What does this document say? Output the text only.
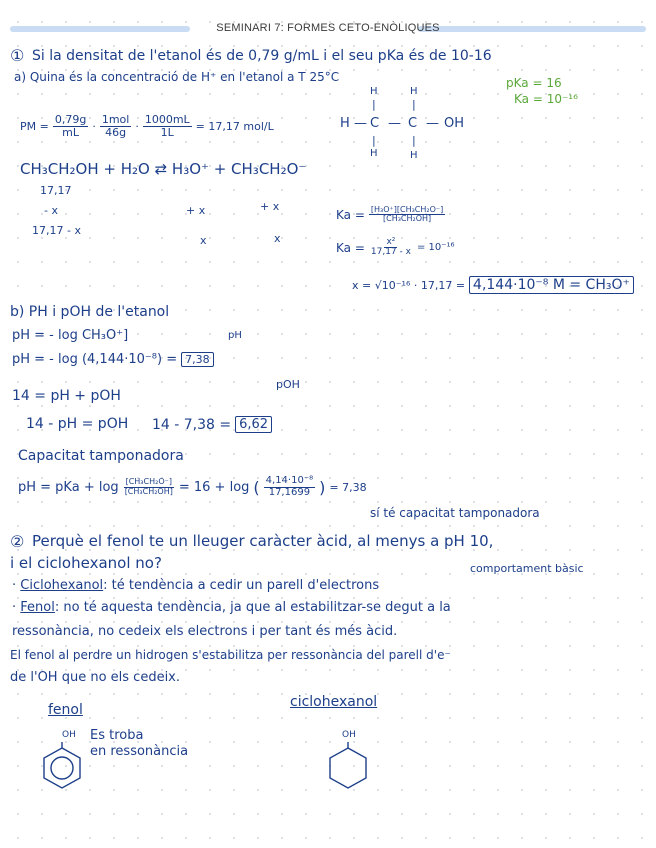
SEMINARI 7: FORMES CETO-ENÒLIQUES
① Si la densitat de l'etanol és de 0,79 g/mL i el seu pKa és de 10-16
a) Quina és la concentració de H⁺ en l'etanol a T 25°C	pKa = 16
Ka = 10⁻¹⁶
H	H
|	|
H — C — C — OH
|	|
H	H
PM = $\frac{0,79g}{mL} \cdot \frac{\text{1mol}}{46g} \cdot \frac{1000mL}{1L} = 17,17$ mol/L
CH₃CH₂OH + H₂O ⇄ H₃O⁺ + CH₃CH₂O⁻
17,17
- x	+ x	+ x
17,17 - x
x	x
$Ka = \frac{\text{[H₃O⁺][CH₃CH₂O⁻]}}{\text{[CH₃CH₂OH]}}$
$Ka = \frac{\text{x²}}{17,17 - x} = 10^{-16}$
x = √10⁻¹⁶ · 17,17 = 4,144·10⁻⁸ M = CH₃O⁺
b) PH i pOH de l'etanol
pH = - log CH₃O⁺]	pH
pH = - log (4,144·10⁻⁸) = 7,38
14 = pH + pOH
pOH
14 - pH = pOH 14 - 7,38 = 6,62
Capacitat tamponadora
pH = pKa + $\log \frac{\text{[CH₃CH₂O⁻]}}{\text{[CH₃CH₂OH]}} = 16 + \log$ ( $\frac{\text{4,14·10⁻⁸}}{17,1699}$ ) = 7,38
sí té capacitat tamponadora
② Perquè el fenol te un lleuger caràcter àcid, al menys a pH 10,
i el ciclohexanol no?	comportament bàsic
· Ciclohexanol: té tendència a cedir un parell d'electrons
· Fenol: no té aquesta tendència, ja que al estabilitzar-se degut a la
ressonància, no cedeix els electrons i per tant és més àcid.
El fenol al perdre un hidrogen s'estabilitza per ressonància del parell d'e⁻
de l'OH que no els cedeix.
fenol
OH Es troba
en ressonància
ciclohexanol
OH
